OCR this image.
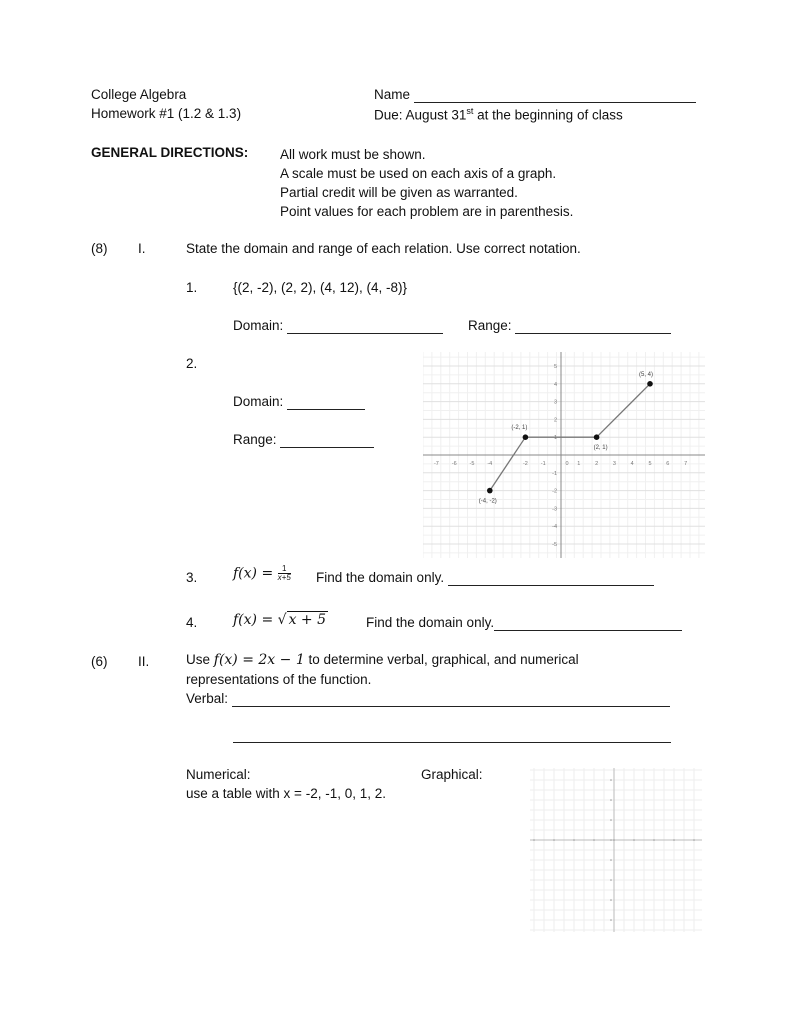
College Algebra
Homework #1 (1.2 & 1.3)
Name
Due: August 31st at the beginning of class
GENERAL DIRECTIONS: All work must be shown.
A scale must be used on each axis of a graph.
Partial credit will be given as warranted.
Point values for each problem are in parenthesis.
(8) I.	State the domain and range of each relation. Use correct notation.
1.	{(2, -2), (2, 2), (4, 12), (4, -8)}
Domain:	Range:
2.
Domain:
Range:
-7 -6 -5 -4	-2 -1	0 1	2	3	4	5	6	7
5
4
3
2
1
-1
-2
-3
-4
-5
(-4, -2)
(-2, 1)
(2, 1)
(5, 4)
3.	$f(x) = \frac{1}{x+5}$ Find the domain only.
4.	f(x) = √ x + 5	Find the domain only.
(6) II.	Use f(x) = 2x − 1 to determine verbal, graphical, and numerical
representations of the function.
Verbal:
Numerical:
use a table with x = -2, -1, 0, 1, 2.
Graphical:
